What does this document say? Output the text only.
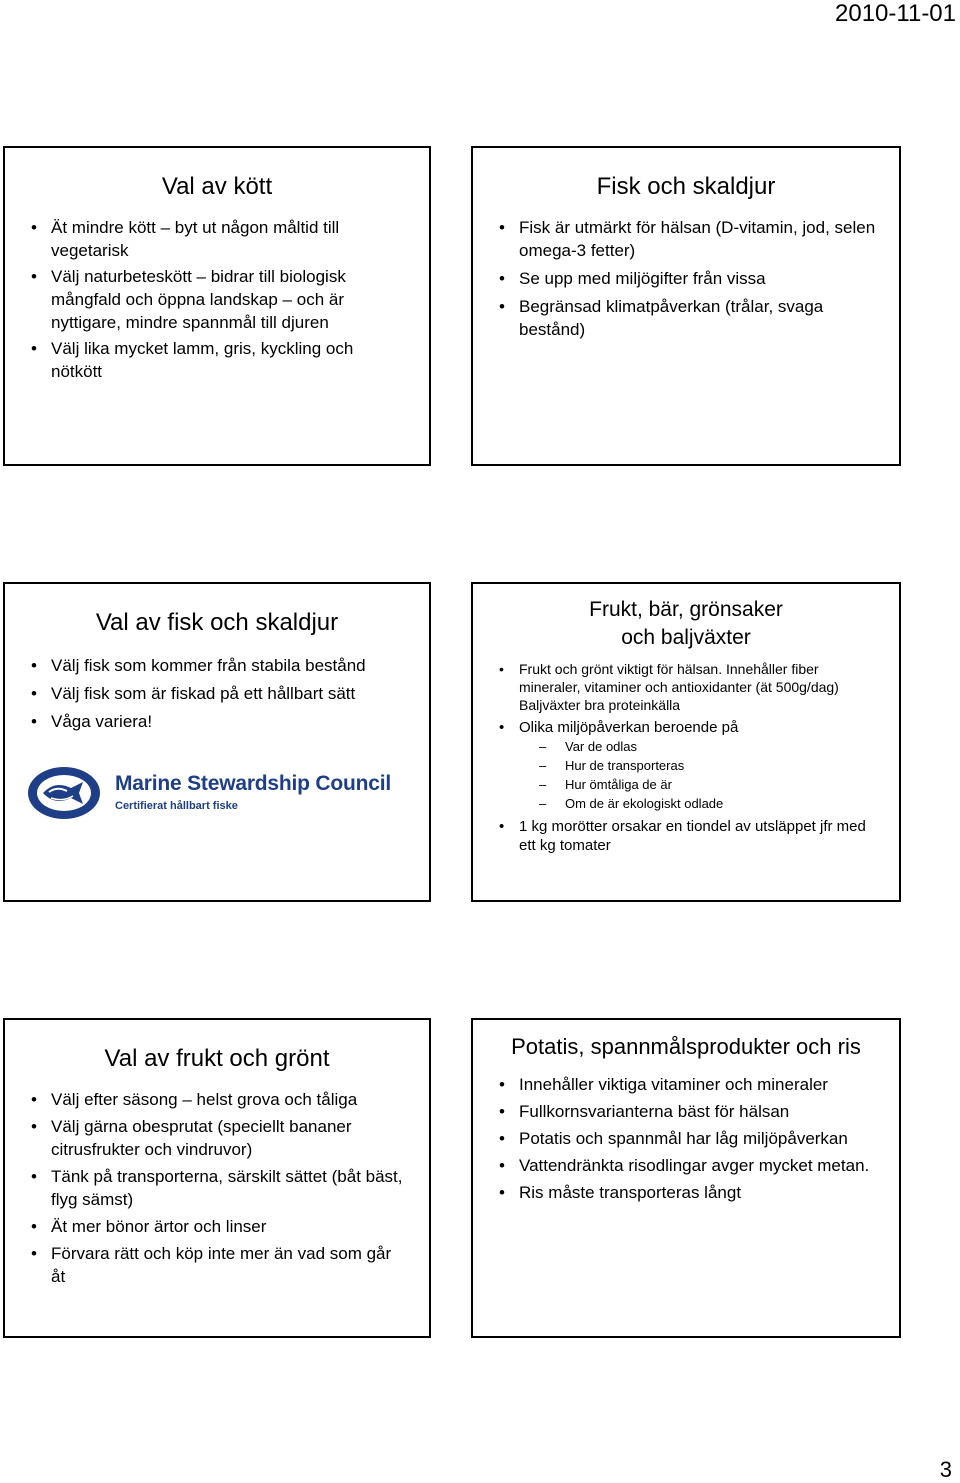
2010-11-01
Val av kött
• Ät mindre kött – byt ut någon måltid till vegetarisk
• Välj naturbeteskött – bidrar till biologisk mångfald och öppna landskap – och är nyttigare, mindre spannmål till djuren
• Välj lika mycket lamm, gris, kyckling och nötkött
Fisk och skaldjur
• Fisk är utmärkt för hälsan (D-vitamin, jod, selen omega-3 fetter)
• Se upp med miljögifter från vissa
• Begränsad klimatpåverkan (trålar, svaga bestånd)
Val av fisk och skaldjur
• Välj fisk som kommer från stabila bestånd
• Välj fisk som är fiskad på ett hållbart sätt
• Våga variera!
Marine Stewardship Council
Certifierat hållbart fiske
Frukt, bär, grönsaker
och baljväxter
• Frukt och grönt viktigt för hälsan. Innehåller fiber mineraler, vitaminer och antioxidanter (ät 500g/dag) Baljväxter bra proteinkälla
• Olika miljöpåverkan beroende på
– Var de odlas
– Hur de transporteras
– Hur ömtåliga de är
– Om de är ekologiskt odlade
• 1 kg morötter orsakar en tiondel av utsläppet jfr med ett kg tomater
Val av frukt och grönt
• Välj efter säsong – helst grova och tåliga
• Välj gärna obesprutat (speciellt bananer citrusfrukter och vindruvor)
• Tänk på transporterna, särskilt sättet (båt bäst, flyg sämst)
• Ät mer bönor ärtor och linser
• Förvara rätt och köp inte mer än vad som går åt
Potatis, spannmålsprodukter och ris
• Innehåller viktiga vitaminer och mineraler
• Fullkornsvarianterna bäst för hälsan
• Potatis och spannmål har låg miljöpåverkan
• Vattendränkta risodlingar avger mycket metan.
• Ris måste transporteras långt
3
